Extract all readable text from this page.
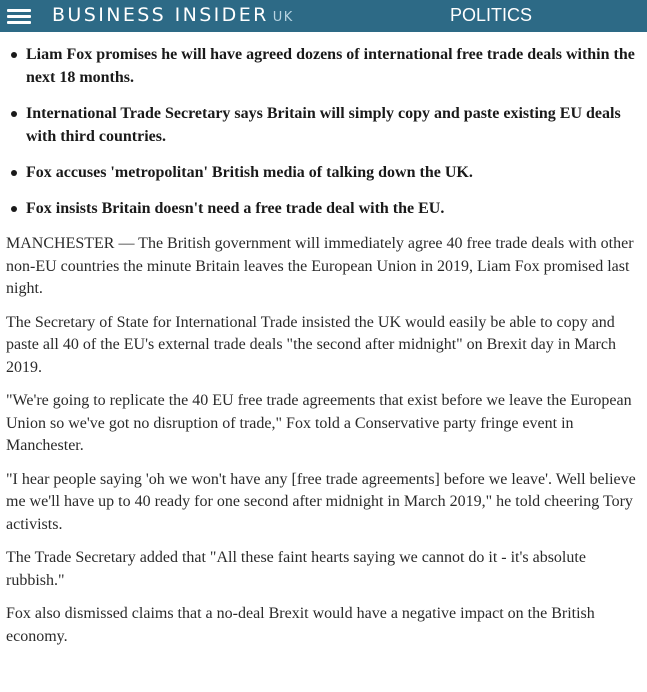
BUSINESS INSIDER UK	POLITICS
Liam Fox promises he will have agreed dozens of international free trade deals within the next 18 months.
International Trade Secretary says Britain will simply copy and paste existing EU deals with third countries.
Fox accuses 'metropolitan' British media of talking down the UK.
Fox insists Britain doesn't need a free trade deal with the EU.

MANCHESTER — The British government will immediately agree 40 free trade deals with other non-EU countries the minute Britain leaves the European Union in 2019, Liam Fox promised last night.

The Secretary of State for International Trade insisted the UK would easily be able to copy and paste all 40 of the EU's external trade deals "the second after midnight" on Brexit day in March 2019.

"We're going to replicate the 40 EU free trade agreements that exist before we leave the European Union so we've got no disruption of trade," Fox told a Conservative party fringe event in Manchester.

"I hear people saying 'oh we won't have any [free trade agreements] before we leave'. Well believe me we'll have up to 40 ready for one second after midnight in March 2019," he told cheering Tory activists.

The Trade Secretary added that "All these faint hearts saying we cannot do it - it's absolute rubbish."

Fox also dismissed claims that a no-deal Brexit would have a negative impact on the British economy.
